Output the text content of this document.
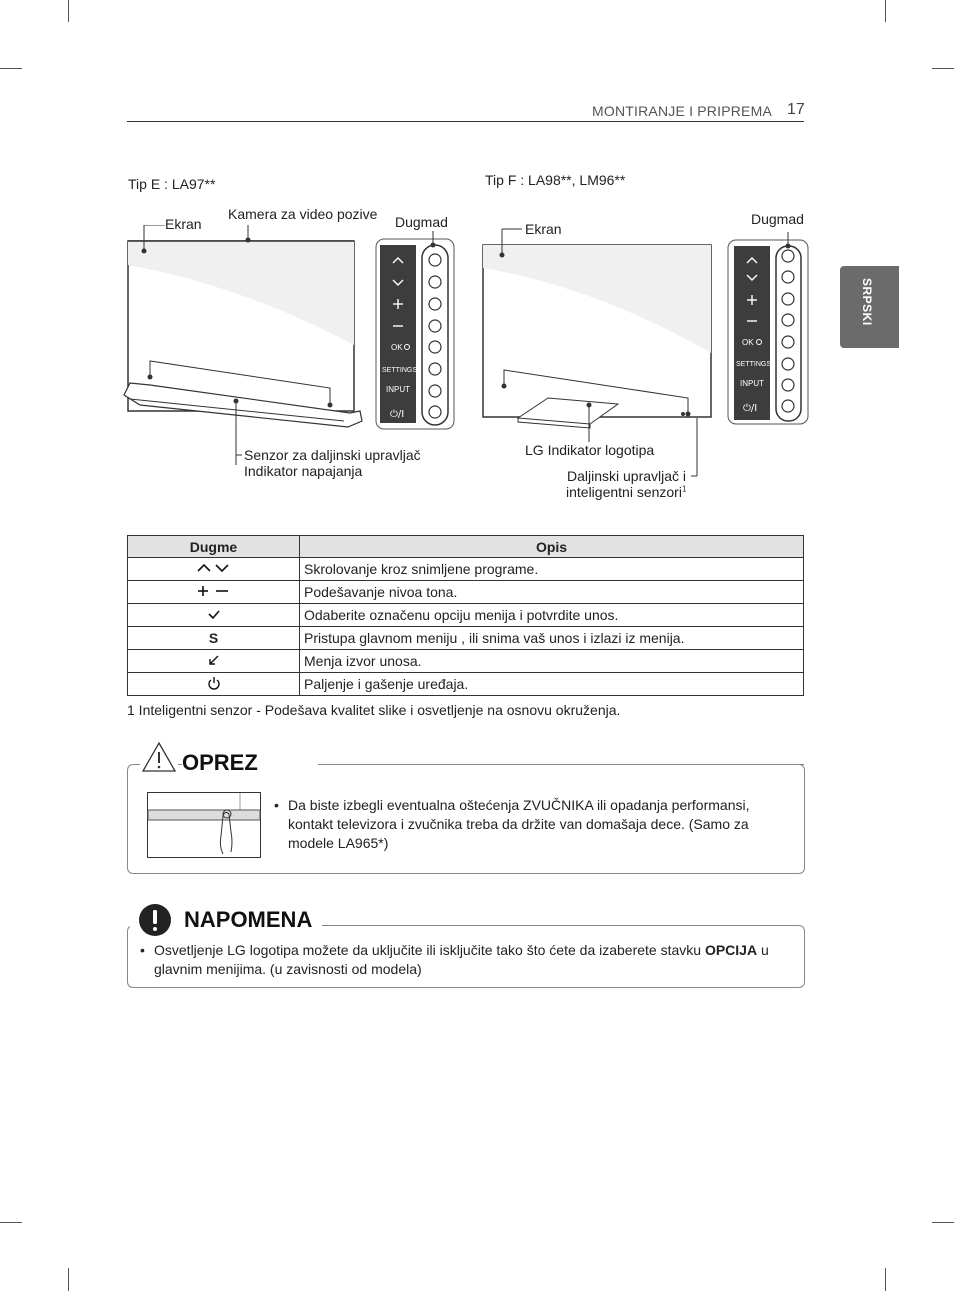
MONTIRANJE I PRIPREMA 17
SRPSKI
Tip E : LA97**
Ekran
Kamera za video pozive Dugmad
Senzor za daljinski upravljač
Indikator napajanja
OK
SETTINGS
INPUT
⏻/I
Tip F : LA98**, LM96**
Ekran
Dugmad
LG Indikator logotipa
Daljinski upravljač i
inteligentni senzori$^1$
OK
SETTINGS
INPUT
⏻/I
Dugme	Opis
	Skrolovanje kroz snimljene programe.
	Podešavanje nivoa tona.
	Odaberite označenu opciju menija i potvrdite unos.
S	Pristupa glavnom meniju , ili snima vaš unos i izlazi iz menija.
	Menja izvor unosa.
	Paljenje i gašenje uređaja.
1 Inteligentni senzor - Podešava kvalitet slike i osvetljenje na osnovu okruženja.
OPREZ
• Da biste izbegli eventualna oštećenja ZVUČNIKA ili opadanja performansi, kontakt televizora i zvučnika treba da držite van domašaja dece. (Samo za modele LA965*)
NAPOMENA
• Osvetljenje LG logotipa možete da uključite ili isključite tako što ćete da izaberete stavku OPCIJA u glavnim menijima. (u zavisnosti od modela)
